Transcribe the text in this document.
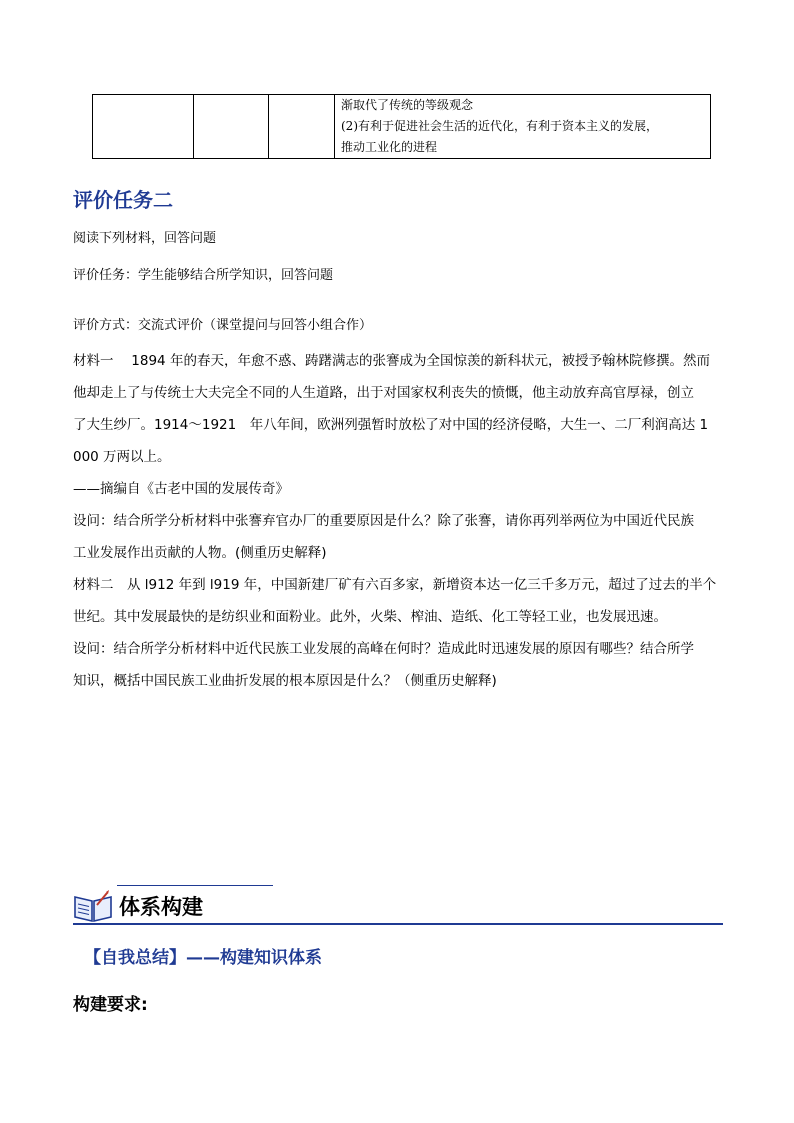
渐取代了传统的等级观念
(2)有利于促进社会生活的近代化，有利于资本主义的发展，
推动工业化的进程
评价任务二

阅读下列材料，回答问题

评价任务：学生能够结合所学知识，回答问题

评价方式：交流式评价（课堂提问与回答小组合作）

材料一　 1894 年的春天，年愈不惑、踌躇满志的张謇成为全国惊羡的新科状元，被授予翰林院修撰。然而
他却走上了与传统士大夫完全不同的人生道路，出于对国家权利丧失的愤慨，他主动放弃高官厚禄，创立
了大生纱厂。1914～1921　年八年间，欧洲列强暂时放松了对中国的经济侵略，大生一、二厂利润高达 1
000 万两以上。
——摘编自《古老中国的发展传奇》
设问：结合所学分析材料中张謇弃官办厂的重要原因是什么？除了张謇，请你再列举两位为中国近代民族
工业发展作出贡献的人物。(侧重历史解释)
材料二　从 l912 年到 l919 年，中国新建厂矿有六百多家，新增资本达一亿三千多万元，超过了过去的半个
世纪。其中发展最快的是纺织业和面粉业。此外，火柴、榨油、造纸、化工等轻工业，也发展迅速。
设问：结合所学分析材料中近代民族工业发展的高峰在何时？造成此时迅速发展的原因有哪些？结合所学
知识，概括中国民族工业曲折发展的根本原因是什么？（侧重历史解释)
体系构建

【自我总结】——构建知识体系

构建要求:
